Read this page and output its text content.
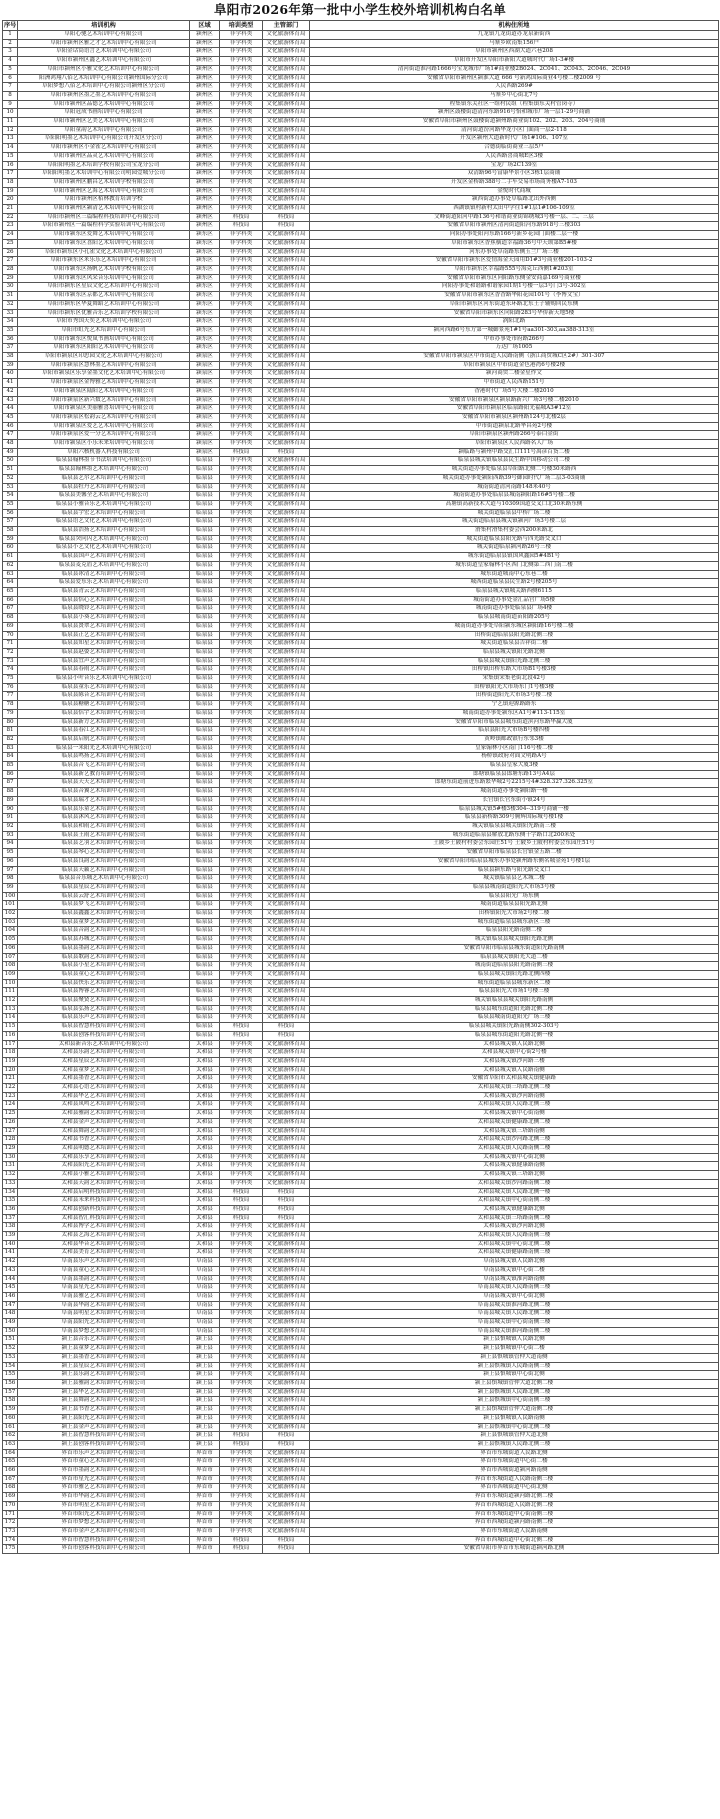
阜阳市2026年第一批中小学生校外培训机构白名单
序号	培训机构	区域	培训类型	主管部门	机构住所地
1	阜阳心驰艺术培训中心有限公司	颍州区	非学科类	文化旅游体育局	九龙镇九龙街道办龙泉新街西
2	阜阳市颍州区雅之才艺术培训中心有限公司	颍州区	非学科类	文化旅游体育局	马寨乡欧南集156户
3	阜阳金话筒语言艺术培训中心有限公司	颍州区	非学科类	文化旅游体育局	阜阳市颍州区西湖大道六巷208
4	阜阳市颍州区鑫艺术培训中心有限公司	颍州区	非学科类	文化旅游体育局	阜阳市开发区阜阳市新阳大道城时代广场1-3#楼
5	阜阳市颍州区小雅文化艺术培训中心有限公司	颍州区	非学科类	文化旅游体育局	清河街道淮河路1666号宝龙城市广场1#商业楼2B024、2C041、2C043、2C046、2C049
6	阳洲鸿翔八佰艺术培训中心有限公司颍州国际分公司	颍州区	非学科类	文化旅游体育局	安徽省阜阳市颍州区颍淮大道 666 号新鸿国际商业4号楼二楼2009 号
7	阜阳梦想八佰艺术培训中心有限公司颍州区分公司	颍州区	非学科类	文化旅游体育局	人民西路269#
8	阜阳市颍州区墨之墨艺术培训中心有限公司	颍州区	非学科类	文化旅游体育局	马寨乡中心街北7号
9	阜阳市颍州区品德艺术培训中心有限公司	颍州区	非学科类	文化旅游体育局	程集镇东关社区一组村民组（程集镇东关村管岗寺）
10	阜阳冠成书画培训中心有限公司	颍州区	非学科类	文化旅游体育局	颍州区鼓楼街道清河东路916号怡和城市广场一层1-29号商铺
11	阜阳市颍州区艺美艺术培训中心有限公司	颍州区	非学科类	文化旅游体育局	安徽省阜阳市颍州区鼓楼街道颍州路商业街102、202、203、204号商铺
12	阜阳童韵艺术培训中心有限公司	颍州区	非学科类	文化旅游体育局	清河街道汾河路华龙小区门面商一层2-118
13	阜阳阳明墨艺术培训中心有限公司开发区分公司	颍州区	非学科类	文化旅游体育局	开发区颍州大道新时代广场1#106、107室
14	阜阳市颍州区小金雀艺术培训中心有限公司	颍州区	非学科类	文化旅游体育局	合德街临街商业三层5户
15	阜阳市颍州区品灵艺术培训中心有限公司	颍州区	非学科类	文化旅游体育局	人民西路喜商城E区3楼
16	阜阳阳明墨艺术培训学校有限公司宝龙分公司	颍州区	非学科类	文化旅游体育局	宝龙广场2C139室
17	阜阳阳明墨艺术培训中心有限公司明园壹城分公司	颍州区	非学科类	文化旅游体育局	双清路96号富康华景小区3栋1层商铺
18	阜阳市颍州区鹏昌艺术培训学校有限公司	颍州区	非学科类	文化旅游体育局	开发区金桥路388号二手车交易市场商务楼A7-103
19	阜阳市颍州区艺海艺术培训中心有限公司	颍州区	非学科类	文化旅游体育局	金悦时代商城
20	阜阳市颍州区栢林教育培训学校	颍州区	非学科类	文化旅游体育局	颍西街道办事处阜临路北出外西侧
21	阜阳市颍州区颍清艺术培训中心有限公司	颍州区	非学科类	文化旅游体育局	西湖镇镇村新村太田中学往1#1层1#106-109室
22	阜阳市颍州区三篇编程科技培训中心有限公司	颍州区	科技局	科技局	文峰街道阳河中路136号和谐商业街锦绣城3号楼一层、二、三层
23	阜阳市颍州区一篇编程科学实验培训中心有限公司	颍州区	科技局	科技局	安徽省阜阳市颍州区清河街道阳河东路918号三楼303
24	阜阳市颍东区爱舞艺术培训中心有限公司	颍东区	非学科类	文化旅游体育局	向阳办事处阳河东路166号新乡花园门面楼二层一楼
25	阜阳市颍东区喜阳艺术培训中心有限公司	颍东区	非学科类	文化旅游体育局	阜阳市颍东区香蕉横道幸福路36号中天颂第B5#楼
26	阜阳市颍东区小孔雀文化艺术培训中心有限公司	颍东区	非学科类	文化旅游体育局	河东办事处阜南路东侧玉兰广场三楼
27	阜阳市颍东区米乐乐艺术培训中心有限公司	颍东区	非学科类	文化旅游体育局	安徽省阜阳市颍东区爱情海金天园用D1#3号商业楼201-103-2
28	阜阳市颍东区扬帆艺术培训学校有限公司	颍东区	非学科类	文化旅游体育局	阜阳市颍东区幸福路555号海克丘西侧1#203室
29	阜阳市颍东区风采音乐培训中心有限公司	颍东区	非学科类	文化旅游体育局	安徽省阜阳市颍东区向阳路东侧金安商嘉169号商业楼
30	阜阳市颍东区星辰文化艺术培训中心有限公司	颍东区	非学科类	文化旅游体育局	向阳办事处和谐路和谐家园1期1号楼一层3号门3号-302室
31	阜阳市颍东区京都艺术培训中心有限公司	颍东区	非学科类	文化旅游体育局	安徽省阜阳市颍东区香香路华阳花园101号（李博文宝）
32	阜阳市颍东区华夏舞蹈艺术培训中心有限公司	颍东区	非学科类	文化旅游体育局	阜阳市颍东区河东街道东环路北东王子辅购回民东侧
33	阜阳市颍东区优雅音乐艺术培训学校有限公司	颍东区	非学科类	文化旅游体育局	安徽省阜阳市颍东区向阳路283号华侨新天地5楼
34	阜阳市秀国天奕艺术培训中心有限公司	颍东区	非学科类	文化旅游体育局	涡阳北路
35	阜阳市虹光艺术培训中心有限公司	颍东区	非学科类	文化旅游体育局	颍河西路6号东方第一城御景苑1#1号aa301-303,aa388-313室
36	阜阳市颍东区悦岚书画培训中心有限公司	颍东区	非学科类	文化旅游体育局	中市办事处市府路266号
37	阜阳市颍东区阳阳艺术培训中心有限公司	颍东区	非学科类	文化旅游体育局	万达广场1005
38	阜阳市颍泉区印思园文化艺术培训中心有限公司	颍泉区	非学科类	文化旅游体育局	安徽省阜阳市颍泉区中市街道人民路南侧（浙江商贸城C区2#）301-307
39	阜阳市颍泉区慧林墨艺术培训中心有限公司	颍泉区	非学科类	文化旅游体育局	阜阳市颍泉区中市街道金色港湾6号楼2楼
40	阜阳市颍泉区乐享金墨文化艺术培训中心有限公司	颍泉区	非学科类	文化旅游体育局	颍河商贸二楼金星作文
41	阜阳市颍泉区金博雅艺术培训中心有限公司	颍泉区	非学科类	文化旅游体育局	中市街道人民西路151号
42	阜阳市颍泉区陆阳艺术培训中心有限公司	颍泉区	非学科类	文化旅游体育局	香港时代广场5号大楼二楼2010
43	阜阳市颍泉区新兴数艺术培训中心有限公司	颍泉区	非学科类	文化旅游体育局	安徽省阜阳市颍泉区颍泉路新兴广场3号楼二楼2010
44	阜阳市颍泉区美丽雅喜培训中心有限公司	颍泉区	非学科类	文化旅游体育局	安徽省阜阳市颍泉区临泉路阳光福城A3#12室
45	阜阳市颍泉区松韵云艺术培训中心有限公司	颍泉区	非学科类	文化旅游体育局	安徽省阜阳市颍泉区颍州路124号北楼2层
46	阜阳市颍泉区爱艺艺术培训中心有限公司	颍泉区	非学科类	文化旅游体育局	中市街道颍泉北路华昌苑2号楼
47	阜阳市颍泉区爱一分艺术培训中心有限公司	颍泉区	非学科类	文化旅游体育局	阜阳市颍泉区颍州路266号泰白金街
48	阜阳市颍泉区小乐未来培训中心有限公司	颍泉区	非学科类	文化旅游体育局	阜阳市颍泉区人民西路名人广场
49	阜阳六核机器人科技有限公司	颍泉区	科技局	科技局	颍临路与颍州中路交汇口111号禹彦百货二楼
50	临泉县翰林墨节书法培训中心有限公司	临泉县	非学科类	文化旅游体育局	临泉县城关镇临泉县民生路中国移动公司二楼
51	临泉县翰林墨艺术培训中心有限公司	临泉县	非学科类	文化旅游体育局	城关街道办事处临泉县阜阳路北侧二号楼30米路西
52	临泉县艺尔艺术培训中心有限公司	临泉县	非学科类	文化旅游体育局	城关街道办事处颍阳西路39号御园时代广场二层3-03商铺
53	临泉县牡丹艺术培训中心有限公司	临泉县	非学科类	文化旅游体育局	城南街道清河南路148米40号
54	临泉县美馨全艺术培训中心有限公司	临泉县	非学科类	文化旅游体育局	城南街道办事处临泉县城南颍阳路16#5号楼二楼
55	临泉县小雅音乐艺术培训中心有限公司	临泉县	非学科类	文化旅游体育局	高塘镇高新技术大道与10309国道交叉口北30米路东侧
56	临泉县宇宏艺术培训中心有限公司	临泉县	非学科类	文化旅游体育局	城关街道临泉县中桥广场二楼
57	临泉县语艺文化艺术培训中心有限公司	临泉县	非学科类	文化旅游体育局	城关街道临泉县城关镇颍河广场3号楼二层
58	临泉县浩扬艺术培训中心有限公司	临泉县	非学科类	文化旅游体育局	滑集村滑集村委会西200米路北
59	临泉县突问闪艺术培训中心有限公司	临泉县	非学科类	文化旅游体育局	城关街道临泉县阳光路与四光路交叉口
60	临泉县小艺文化艺术培训中心有限公司	临泉县	非学科类	文化旅游体育局	城关街道临泉颍河路26号三楼
61	临泉县国声艺术培训中心有限公司	临泉县	非学科类	文化旅游体育局	城东街道临泉县镇国风鑫园5#4B1号
62	临泉县麦克盾艺术培训中心有限公司	临泉县	非学科类	文化旅游体育局	城东街道皇家翰林小区西门北侧第二西门南二楼
63	临泉县冰清艺术培训中心有限公司	临泉县	非学科类	文化旅游体育局	城东街道城南中心东巷二楼
64	临泉县爱东乐艺术培训中心有限公司	临泉县	非学科类	文化旅游体育局	城西街道临泉县民生路2号楼205号
65	临泉县青云艺术培训中心有限公司	临泉县	非学科类	文化旅游体育局	临泉县城关镇城关路西侧6115
66	临泉县恬心艺术培训中心有限公司	临泉县	非学科类	文化旅游体育局	城南街道办事处金汇品宫广场5楼
67	临泉县晓铃艺术培训中心有限公司	临泉县	非学科类	文化旅游体育局	城南街道办事处临泉县广场4楼
68	临泉县小葵艺术培训中心有限公司	临泉县	非学科类	文化旅游体育局	临泉县城南街道苗阳路205号
69	临泉县贤翠艺术培训中心有限公司	临泉县	非学科类	文化旅游体育局	城南街道办事处阜阳颍东城区颍阳路16号楼二楼
70	临泉县正艺艺术培训中心有限公司	临泉县	非学科类	文化旅游体育局	田桥街道临泉县阳光路北侧三楼
71	临泉县知星艺术培训中心有限公司	临泉县	非学科类	文化旅游体育局	城关街道临泉县吉祥街二楼
72	临泉县赵姿艺术培训中心有限公司	临泉县	非学科类	文化旅游体育局	临泉县城关镇阳光路北侧
73	临泉县宜声艺术培训中心有限公司	临泉县	非学科类	文化旅游体育局	临泉县城关镇阳光路北侧三楼
74	临泉县春雨艺术培训中心有限公司	临泉县	非学科类	文化旅游体育局	田桥镇田桥东路大市场B1号楼3楼
75	临泉县小叶音乐艺术培训中心有限公司	临泉县	非学科类	文化旅游体育局	宋集镇宋集老街北段42号
76	临泉县童乐艺术培训中心有限公司	临泉县	非学科类	文化旅游体育局	田桥镇阳光大市场东门1号楼3楼
77	临泉县陈音艺术培训中心有限公司	临泉县	非学科类	文化旅游体育局	田桥街道阳光大市场3号楼二楼
78	临泉县糖糖艺术培训中心有限公司	临泉县	非学科类	文化旅游体育局	宁艺镇迎源路路东
79	临泉县恬宇艺术培训中心有限公司	临泉县	非学科类	文化旅游体育局	城南街道办事处颍东区A1号#113-115室
80	临泉县新方艺术培训中心有限公司	临泉县	非学科类	文化旅游体育局	安徽省阜阳市临泉县城东街道滨河东路华赢大厦
81	临泉县春江艺术培训中心有限公司	临泉县	非学科类	文化旅游体育局	临泉县阳光大市场B号楼四楼
82	临泉县启航艺术培训中心有限公司	临泉县	非学科类	文化旅游体育局	黄岭镇邮政银行东邻3楼
83	临泉县一米阳光艺术培训中心有限公司	临泉县	非学科类	文化旅游体育局	皇家翰林小区南门116号楼二楼
84	临泉县鸣扬艺术培训中心有限公司	临泉县	非学科类	文化旅游体育局	杨桥镇政府对面文明路A号
85	临泉县音飞艺术培训中心有限公司	临泉县	非学科类	文化旅游体育局	临泉县皇家大厦3楼
86	临泉县新艺教育培训中心有限公司	临泉县	非学科类	文化旅游体育局	郎塘镇临泉县郎塘东路13号A4层
87	临泉县天天艺术培训中心有限公司	临泉县	非学科类	文化旅游体育局	郎塘东街道前进东路繁华城2号2215号4#328.327.326.325室
88	临泉县音翼艺术培训中心有限公司	临泉县	非学科类	文化旅游体育局	城南街道办事处颍阳路一楼
89	临泉县瑞才艺术培训中心有限公司	临泉县	非学科类	文化旅游体育局	长官镇长官东街小镇24号
90	临泉县乐童艺术培训中心有限公司	临泉县	非学科类	文化旅游体育局	临泉县城关镇5#楼3楼304--319号商铺一楼
91	临泉县沐风艺术培训中心有限公司	临泉县	非学科类	文化旅游体育局	临泉县新桥路309号腾辉国际城号楼1楼
92	临泉县和雨艺术培训中心有限公司	临泉县	非学科类	文化旅游体育局	城关镇临泉县城关镇阳光路南三楼
93	临泉县王雨艺术培训中心有限公司	临泉县	非学科类	文化旅游体育局	城东街道临泉县解放北路东侧十字路口北200米处
94	临泉县艺羽艺术培训中心有限公司	临泉县	非学科类	文化旅游体育局	土陂乡土陂村村委会东园庄51号 土陂乡土陂村村委会东园庄51号
95	临泉县琴心艺术培训中心有限公司	临泉县	非学科类	文化旅游体育局	安徽省阜阳市临泉县长官镇金五路二楼
96	临泉县良韵艺术培训中心有限公司	临泉县	非学科类	文化旅游体育局	安徽省阜阳市临泉县城东办事处颍州路东侧名城金苑1号楼1层
97	临泉县天籁艺术培训中心有限公司	临泉县	非学科类	文化旅游体育局	临泉县颍东路与阳光路交叉口
98	临泉县音乐城艺术培训中心有限公司	临泉县	非学科类	文化旅游体育局	城关镇临泉县艺术城二楼
99	临泉县星辰艺术培训中心有限公司	临泉县	非学科类	文化旅游体育局	临泉县城南街道阳光大市场3号楼
100	临泉县云舒艺术培训中心有限公司	临泉县	非学科类	文化旅游体育局	临泉县阳光广场东侧
101	临泉县梦飞艺术培训中心有限公司	临泉县	非学科类	文化旅游体育局	城南街道临泉县阳光路北侧
102	临泉县鑫鑫艺术培训中心有限公司	临泉县	非学科类	文化旅游体育局	田桥镇阳光大市场2号楼二楼
103	临泉县童梦艺术培训中心有限公司	临泉县	非学科类	文化旅游体育局	城东街道临泉县城东新区三楼
104	临泉县音韵艺术培训中心有限公司	临泉县	非学科类	文化旅游体育局	临泉县阳光路南侧二楼
105	临泉县苏城艺术培训中心有限公司	临泉县	非学科类	文化旅游体育局	城关镇临泉县城关镇阳光路北侧
106	临泉县墨韵艺术培训中心有限公司	临泉县	非学科类	文化旅游体育局	安徽省阜阳市临泉县城东街道阳光路南侧
107	临泉县歌韵艺术培训中心有限公司	临泉县	非学科类	文化旅游体育局	临泉县城关镇阳光大道二楼
108	临泉县小星艺术培训中心有限公司	临泉县	非学科类	文化旅游体育局	城南街道临泉县阳光路南侧三楼
109	临泉县童心艺术培训中心有限公司	临泉县	非学科类	文化旅游体育局	临泉县城关镇阳光路北侧四楼
110	临泉县快乐艺术培训中心有限公司	临泉县	非学科类	文化旅游体育局	城东街道临泉县城东新区二楼
111	临泉县博睿艺术培训中心有限公司	临泉县	非学科类	文化旅游体育局	临泉县阳光大市场1号楼三楼
112	临泉县聚贤艺术培训中心有限公司	临泉县	非学科类	文化旅游体育局	城关镇临泉县城关镇阳光路南侧
113	临泉县弘扬艺术培训中心有限公司	临泉县	非学科类	文化旅游体育局	临泉县城东街道阳光路北侧二楼
114	临泉县乐声艺术培训中心有限公司	临泉县	非学科类	文化旅游体育局	临泉县城南街道阳光广场三楼
115	临泉县智慧科技培训中心有限公司	临泉县	科技局	科技局	临泉县城关镇阳光路南侧302-303号
116	临泉县创客科技培训中心有限公司	临泉县	科技局	科技局	临泉县城东街道阳光路北侧一楼
117	太和县新音乐艺术培训中心有限公司	太和县	非学科类	文化旅游体育局	太和县城关镇人民路北侧
118	太和县乐韵艺术培训中心有限公司	太和县	非学科类	文化旅游体育局	太和县城关镇中心街2号楼
119	太和县星辰艺术培训中心有限公司	太和县	非学科类	文化旅游体育局	太和县城关镇沙河路三楼
120	太和县童梦艺术培训中心有限公司	太和县	非学科类	文化旅游体育局	太和县城关镇人民路南侧
121	太和县墨香艺术培训中心有限公司	太和县	非学科类	文化旅游体育局	安徽省阜阳市太和县城关镇健康路
122	太和县心语艺术培训中心有限公司	太和县	非学科类	文化旅游体育局	太和县城关镇三塔路北侧二楼
123	太和县华艺艺术培训中心有限公司	太和县	非学科类	文化旅游体育局	太和县城关镇沙河路南侧
124	太和县凤鸣艺术培训中心有限公司	太和县	非学科类	文化旅游体育局	太和县城关镇人民路北侧三楼
125	太和县雅韵艺术培训中心有限公司	太和县	非学科类	文化旅游体育局	太和县城关镇中心街南侧
126	太和县金声艺术培训中心有限公司	太和县	非学科类	文化旅游体育局	太和县城关镇健康路北侧二楼
127	太和县舞韵艺术培训中心有限公司	太和县	非学科类	文化旅游体育局	太和县城关镇三塔路南侧
128	太和县书香艺术培训中心有限公司	太和县	非学科类	文化旅游体育局	太和县城关镇沙河路北侧三楼
129	太和县明德艺术培训中心有限公司	太和县	非学科类	文化旅游体育局	太和县城关镇人民路南侧二楼
130	太和县乐享艺术培训中心有限公司	太和县	非学科类	文化旅游体育局	太和县城关镇中心街北侧
131	太和县阳光艺术培训中心有限公司	太和县	非学科类	文化旅游体育局	太和县城关镇健康路南侧
132	太和县小雅艺术培训中心有限公司	太和县	非学科类	文化旅游体育局	太和县城关镇三塔路北侧
133	太和县天韵艺术培训中心有限公司	太和县	非学科类	文化旅游体育局	太和县城关镇沙河路南侧二楼
134	太和县启明科技培训中心有限公司	太和县	科技局	科技局	太和县城关镇人民路北侧一楼
135	太和县未来科技培训中心有限公司	太和县	科技局	科技局	太和县城关镇中心街南侧二楼
136	太和县创新科技培训中心有限公司	太和县	科技局	科技局	太和县城关镇健康路北侧
137	太和县智汇科技培训中心有限公司	太和县	科技局	科技局	太和县城关镇三塔路南侧二楼
138	太和县博学艺术培训中心有限公司	太和县	非学科类	文化旅游体育局	太和县城关镇沙河路北侧
139	太和县艺海艺术培训中心有限公司	太和县	非学科类	文化旅游体育局	太和县城关镇人民路南侧三楼
140	太和县华音艺术培训中心有限公司	太和县	非学科类	文化旅游体育局	太和县城关镇中心街北侧二楼
141	太和县美育艺术培训中心有限公司	太和县	非学科类	文化旅游体育局	太和县城关镇健康路南侧三楼
142	阜南县乐声艺术培训中心有限公司	阜南县	非学科类	文化旅游体育局	阜南县城关镇人民路北侧
143	阜南县童心艺术培训中心有限公司	阜南县	非学科类	文化旅游体育局	阜南县城关镇中心街二楼
144	阜南县墨韵艺术培训中心有限公司	阜南县	非学科类	文化旅游体育局	阜南县城关镇淮河路南侧
145	阜南县星光艺术培训中心有限公司	阜南县	非学科类	文化旅游体育局	阜南县城关镇人民路南侧三楼
146	阜南县雅艺艺术培训中心有限公司	阜南县	非学科类	文化旅游体育局	阜南县城关镇中心街北侧
147	阜南县华韵艺术培训中心有限公司	阜南县	非学科类	文化旅游体育局	阜南县城关镇淮河路北侧二楼
148	阜南县明星艺术培训中心有限公司	阜南县	非学科类	文化旅游体育局	阜南县城关镇人民路北侧二楼
149	阜南县阳光艺术培训中心有限公司	阜南县	非学科类	文化旅游体育局	阜南县城关镇中心街南侧三楼
150	阜南县梦想艺术培训中心有限公司	阜南县	非学科类	文化旅游体育局	阜南县城关镇淮河路南侧二楼
151	颍上县音乐艺术培训中心有限公司	颍上县	非学科类	文化旅游体育局	颍上县慎城镇人民路北侧
152	颍上县童梦艺术培训中心有限公司	颍上县	非学科类	文化旅游体育局	颍上县慎城镇中心街二楼
153	颍上县墨香艺术培训中心有限公司	颍上县	非学科类	文化旅游体育局	颍上县慎城镇管仲大道南侧
154	颍上县星辰艺术培训中心有限公司	颍上县	非学科类	文化旅游体育局	颍上县慎城镇人民路南侧三楼
155	颍上县乐韵艺术培训中心有限公司	颍上县	非学科类	文化旅游体育局	颍上县慎城镇中心街北侧
156	颍上县雅韵艺术培训中心有限公司	颍上县	非学科类	文化旅游体育局	颍上县慎城镇管仲大道北侧二楼
157	颍上县华艺艺术培训中心有限公司	颍上县	非学科类	文化旅游体育局	颍上县慎城镇人民路北侧二楼
158	颍上县舞韵艺术培训中心有限公司	颍上县	非学科类	文化旅游体育局	颍上县慎城镇中心街南侧三楼
159	颍上县书香艺术培训中心有限公司	颍上县	非学科类	文化旅游体育局	颍上县慎城镇管仲大道南侧二楼
160	颍上县阳光艺术培训中心有限公司	颍上县	非学科类	文化旅游体育局	颍上县慎城镇人民路南侧
161	颍上县金声艺术培训中心有限公司	颍上县	非学科类	文化旅游体育局	颍上县慎城镇中心街北侧二楼
162	颍上县智慧科技培训中心有限公司	颍上县	科技局	科技局	颍上县慎城镇管仲大道北侧
163	颍上县创客科技培训中心有限公司	颍上县	科技局	科技局	颍上县慎城镇人民路北侧三楼
164	界首市乐声艺术培训中心有限公司	界首市	非学科类	文化旅游体育局	界首市东城街道人民路北侧
165	界首市童心艺术培训中心有限公司	界首市	非学科类	文化旅游体育局	界首市东城街道中心街二楼
166	界首市墨韵艺术培训中心有限公司	界首市	非学科类	文化旅游体育局	界首市西城街道颍河路南侧
167	界首市星光艺术培训中心有限公司	界首市	非学科类	文化旅游体育局	界首市东城街道人民路南侧三楼
168	界首市雅艺艺术培训中心有限公司	界首市	非学科类	文化旅游体育局	界首市西城街道中心街北侧
169	界首市华韵艺术培训中心有限公司	界首市	非学科类	文化旅游体育局	界首市东城街道颍河路北侧二楼
170	界首市明星艺术培训中心有限公司	界首市	非学科类	文化旅游体育局	界首市西城街道人民路北侧二楼
171	界首市阳光艺术培训中心有限公司	界首市	非学科类	文化旅游体育局	界首市东城街道中心街南侧三楼
172	界首市梦想艺术培训中心有限公司	界首市	非学科类	文化旅游体育局	界首市西城街道颍河路南侧二楼
173	界首市金声艺术培训中心有限公司	界首市	非学科类	文化旅游体育局	界首市东城街道人民路南侧
174	界首市智慧科技培训中心有限公司	界首市	科技局	科技局	界首市西城街道中心街北侧二楼
175	界首市创客科技培训中心有限公司	界首市	科技局	科技局	安徽省阜阳市界首市东城街道颍河路北侧
